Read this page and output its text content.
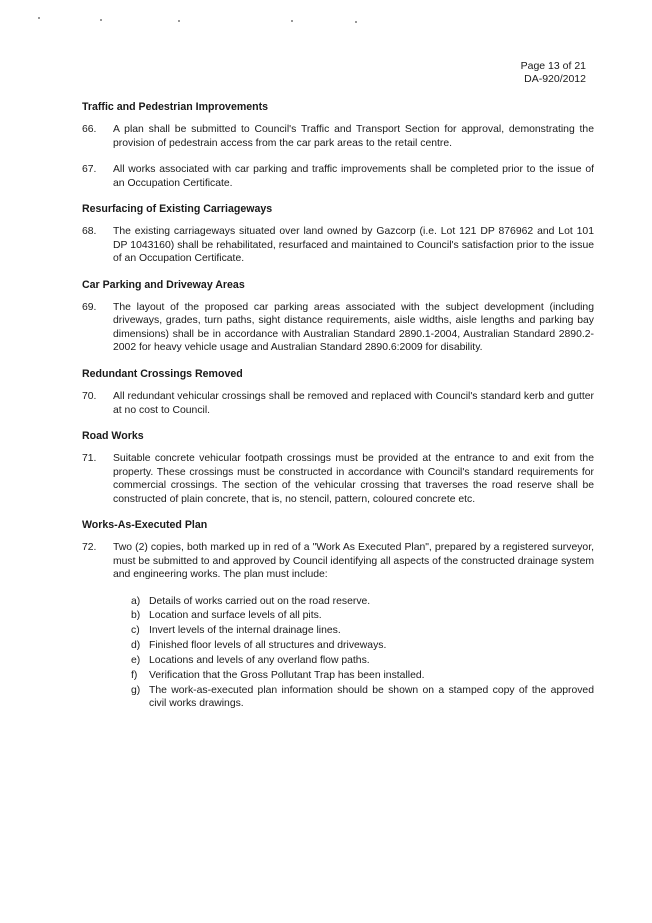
Page 13 of 21
DA-920/2012
Traffic and Pedestrian Improvements
66.	A plan shall be submitted to Council's Traffic and Transport Section for approval, demonstrating the provision of pedestrain access from the car park areas to the retail centre.
67.	All works associated with car parking and traffic improvements shall be completed prior to the issue of an Occupation Certificate.
Resurfacing of Existing Carriageways
68.	The existing carriageways situated over land owned by Gazcorp (i.e. Lot 121 DP 876962 and Lot 101 DP 1043160) shall be rehabilitated, resurfaced and maintained to Council's satisfaction prior to the issue of an Occupation Certificate.
Car Parking and Driveway Areas
69.	The layout of the proposed car parking areas associated with the subject development (including driveways, grades, turn paths, sight distance requirements, aisle widths, aisle lengths and parking bay dimensions) shall be in accordance with Australian Standard 2890.1-2004, Australian Standard 2890.2-2002 for heavy vehicle usage and Australian Standard 2890.6:2009 for disability.
Redundant Crossings Removed
70.	All redundant vehicular crossings shall be removed and replaced with Council's standard kerb and gutter at no cost to Council.
Road Works
71.	Suitable concrete vehicular footpath crossings must be provided at the entrance to and exit from the property. These crossings must be constructed in accordance with Council's standard requirements for commercial crossings. The section of the vehicular crossing that traverses the road reserve shall be constructed of plain concrete, that is, no stencil, pattern, coloured concrete etc.
Works-As-Executed Plan
72.	Two (2) copies, both marked up in red of a "Work As Executed Plan", prepared by a registered surveyor, must be submitted to and approved by Council identifying all aspects of the constructed drainage system and engineering works. The plan must include:
a) Details of works carried out on the road reserve.
b) Location and surface levels of all pits.
c) Invert levels of the internal drainage lines.
d) Finished floor levels of all structures and driveways.
e) Locations and levels of any overland flow paths.
f)	Verification that the Gross Pollutant Trap has been installed.
g) The work-as-executed plan information should be shown on a stamped copy of the approved civil works drawings.
